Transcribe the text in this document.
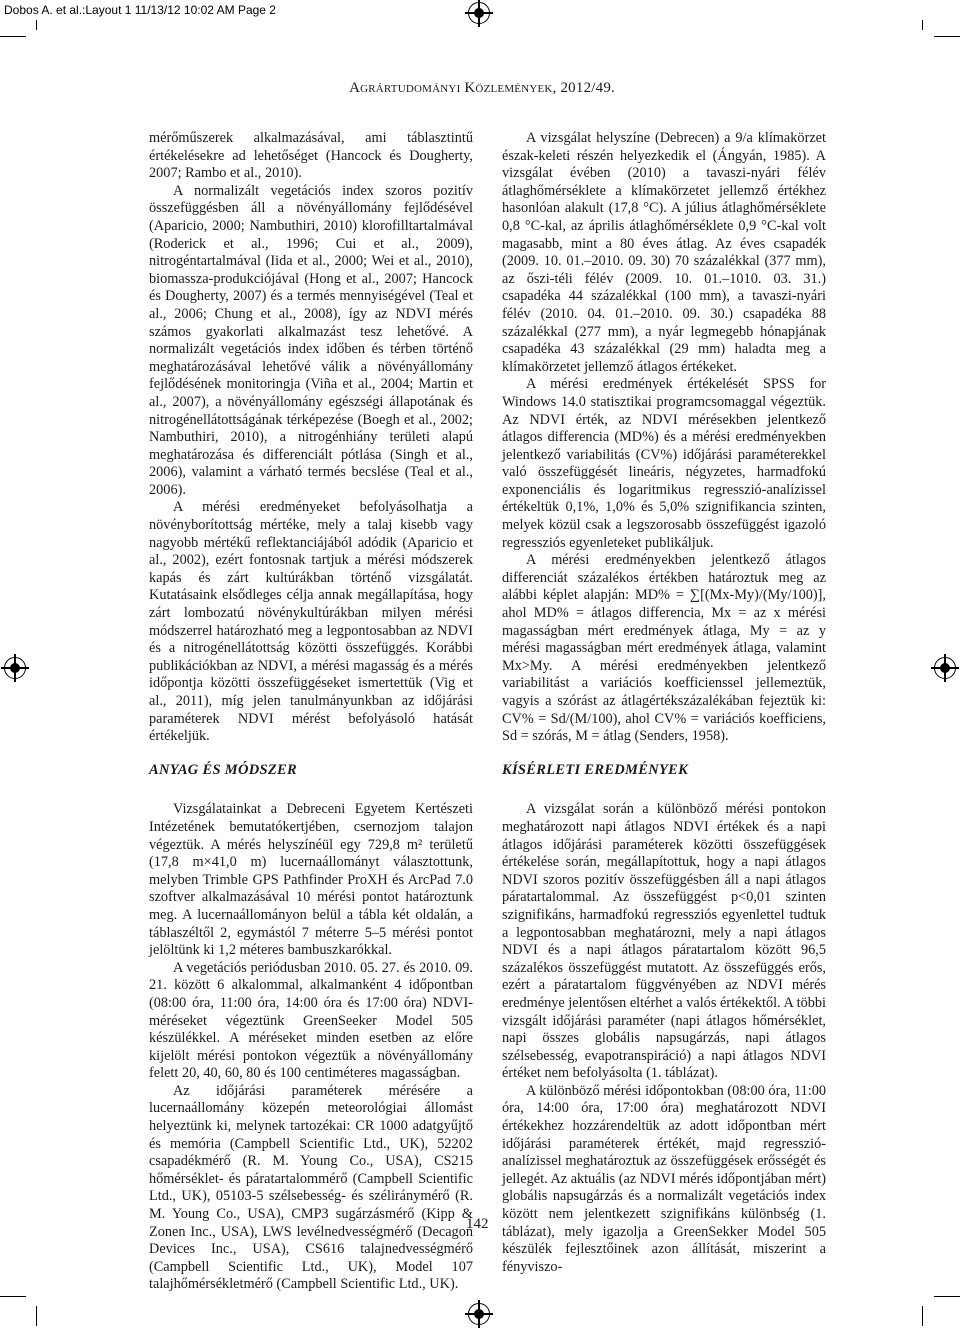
Dobos A. et al.:Layout 1 11/13/12 10:02 AM Page 2
Agrártudományi Közlemények, 2012/49.

mérőműszerek alkalmazásával, ami táblasztintű értékelésekre ad lehetőséget (Hancock és Dougherty, 2007; Rambo et al., 2010).

A normalizált vegetációs index szoros pozitív összefüggésben áll a növényállomány fejlődésével (Aparicio, 2000; Nambuthiri, 2010) klorofilltartalmával (Roderick et al., 1996; Cui et al., 2009), nitrogéntartalmával (Iida et al., 2000; Wei et al., 2010), biomassza-produkciójával (Hong et al., 2007; Hancock és Dougherty, 2007) és a termés mennyiségével (Teal et al., 2006; Chung et al., 2008), így az NDVI mérés számos gyakorlati alkalmazást tesz lehetővé. A normalizált vegetációs index időben és térben történő meghatározásával lehetővé válik a növényállomány fejlődésének monitoringja (Viña et al., 2004; Martin et al., 2007), a növényállomány egészségi állapotának és nitrogénellátottságának térképezése (Boegh et al., 2002; Nambuthiri, 2010), a nitrogénhiány területi alapú meghatározása és differenciált pótlása (Singh et al., 2006), valamint a várható termés becslése (Teal et al., 2006).

A mérési eredményeket befolyásolhatja a növényborítottság mértéke, mely a talaj kisebb vagy nagyobb mértékű reflektanciájából adódik (Aparicio et al., 2002), ezért fontosnak tartjuk a mérési módszerek kapás és zárt kultúrákban történő vizsgálatát. Kutatásaink elsődleges célja annak megállapítása, hogy zárt lombozatú növénykultúrákban milyen mérési módszerrel határozható meg a legpontosabban az NDVI és a nitrogénellátottság közötti összefüggés. Korábbi publikációkban az NDVI, a mérési magasság és a mérés időpontja közötti összefüggéseket ismertettük (Vig et al., 2011), míg jelen tanulmányunkban az időjárási paraméterek NDVI mérést befolyásoló hatását értékeljük.

ANYAG ÉS MÓDSZER

Vizsgálatainkat a Debreceni Egyetem Kertészeti Intézetének bemutatókertjében, csernozjom talajon végeztük. A mérés helyszínéül egy 729,8 m² területű (17,8 m×41,0 m) lucernaállományt választottunk, melyben Trimble GPS Pathfinder ProXH és ArcPad 7.0 szoftver alkalmazásával 10 mérési pontot határoztunk meg. A lucernaállományon belül a tábla két oldalán, a táblaszéltől 2, egymástól 7 méterre 5–5 mérési pontot jelöltünk ki 1,2 méteres bambuszkarókkal.

A vegetációs periódusban 2010. 05. 27. és 2010. 09. 21. között 6 alkalommal, alkalmanként 4 időpontban (08:00 óra, 11:00 óra, 14:00 óra és 17:00 óra) NDVI-méréseket végeztünk GreenSeeker Model 505 készülékkel. A méréseket minden esetben az előre kijelölt mérési pontokon végeztük a növényállomány felett 20, 40, 60, 80 és 100 centiméteres magasságban.

Az időjárási paraméterek mérésére a lucernaállomány közepén meteorológiai állomást helyeztünk ki, melynek tartozékai: CR 1000 adatgyűjtő és memória (Campbell Scientific Ltd., UK), 52202 csapadékmérő (R. M. Young Co., USA), CS215 hőmérséklet- és páratartalommérő (Campbell Scientific Ltd., UK), 05103-5 szélsebesség- és széliránymérő (R. M. Young Co., USA), CMP3 sugárzásmérő (Kipp & Zonen Inc., USA), LWS levélnedvességmérő (Decagon Devices Inc., USA), CS616 talajnedvességmérő (Campbell Scientific Ltd., UK), Model 107 talajhőmérsékletmérő (Campbell Scientific Ltd., UK).

A vizsgálat helyszíne (Debrecen) a 9/a klímakörzet észak-keleti részén helyezkedik el (Ángyán, 1985). A vizsgálat évében (2010) a tavaszi-nyári félév átlaghőmérséklete a klímakörzetet jellemző értékhez hasonlóan alakult (17,8 °C). A július átlaghőmérséklete 0,8 °C-kal, az április átlaghőmérséklete 0,9 °C-kal volt magasabb, mint a 80 éves átlag. Az éves csapadék (2009. 10. 01.–2010. 09. 30) 70 százalékkal (377 mm), az őszi-téli félév (2009. 10. 01.–1010. 03. 31.) csapadéka 44 százalékkal (100 mm), a tavaszi-nyári félév (2010. 04. 01.–2010. 09. 30.) csapadéka 88 százalékkal (277 mm), a nyár legmegebb hónapjának csapadéka 43 százalékkal (29 mm) haladta meg a klímakörzetet jellemző átlagos értékeket.

A mérési eredmények értékelését SPSS for Windows 14.0 statisztikai programcsomaggal végeztük. Az NDVI érték, az NDVI mérésekben jelentkező átlagos differencia (MD%) és a mérési eredményekben jelentkező variabilitás (CV%) időjárási paraméterekkel való összefüggését lineáris, négyzetes, harmadfokú exponenciális és logaritmikus regresszió-analízissel értékeltük 0,1%, 1,0% és 5,0% szignifikancia szinten, melyek közül csak a legszorosabb összefüggést igazoló regressziós egyenleteket publikáljuk.

A mérési eredményekben jelentkező átlagos differenciát százalékos értékben határoztuk meg az alábbi képlet alapján: MD% = ∑[(Mx-My)/(My/100)], ahol MD% = átlagos differencia, Mx = az x mérési magasságban mért eredmények átlaga, My = az y mérési magasságban mért eredmények átlaga, valamint Mx>My. A mérési eredményekben jelentkező variabilitást a variációs koefficienssel jellemeztük, vagyis a szórást az átlagértékszázalékában fejeztük ki: CV% = Sd/(M/100), ahol CV% = variációs koefficiens, Sd = szórás, M = átlag (Senders, 1958).

KÍSÉRLETI EREDMÉNYEK

A vizsgálat során a különböző mérési pontokon meghatározott napi átlagos NDVI értékek és a napi átlagos időjárási paraméterek közötti összefüggések értékelése során, megállapítottuk, hogy a napi átlagos NDVI szoros pozitív összefüggésben áll a napi átlagos páratartalommal. Az összefüggést p<0,01 szinten szignifikáns, harmadfokú regressziós egyenlettel tudtuk a legpontosabban meghatározni, mely a napi átlagos NDVI és a napi átlagos páratartalom között 96,5 százalékos összefüggést mutatott. Az összefüggés erős, ezért a páratartalom függvényében az NDVI mérés eredménye jelentősen eltérhet a valós értékektől. A többi vizsgált időjárási paraméter (napi átlagos hőmérséklet, napi összes globális napsugárzás, napi átlagos szélsebesség, evapotranspiráció) a napi átlagos NDVI értéket nem befolyásolta (1. táblázat).

A különböző mérési időpontokban (08:00 óra, 11:00 óra, 14:00 óra, 17:00 óra) meghatározott NDVI értékekhez hozzárendeltük az adott időpontban mért időjárási paraméterek értékét, majd regresszió-analízissel meghatároztuk az összefüggések erősségét és jellegét. Az aktuális (az NDVI mérés időpontjában mért) globális napsugárzás és a normalizált vegetációs index között nem jelentkezett szignifikáns különbség (1. táblázat), mely igazolja a GreenSekker Model 505 készülék fejlesztőinek azon állítását, miszerint a fényviszo-

142
